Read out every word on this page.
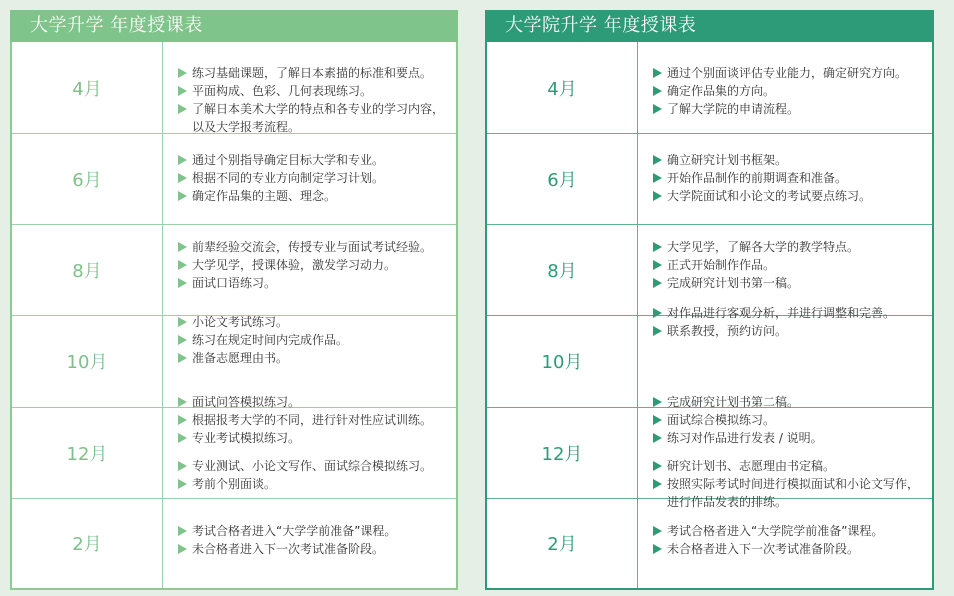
大学升学 年度授课表
4月
练习基础课题，了解日本素描的标准和要点。
平面构成、色彩、几何表现练习。
了解日本美术大学的特点和各专业的学习内容，以及大学报考流程。
6月
通过个别指导确定目标大学和专业。
根据不同的专业方向制定学习计划。
确定作品集的主题、理念。
8月
前辈经验交流会，传授专业与面试考试经验。
大学见学，授课体验，激发学习动力。
面试口语练习。
10月
小论文考试练习。
练习在规定时间内完成作品。
准备志愿理由书。
12月
面试问答模拟练习。
根据报考大学的不同，进行针对性应试训练。
专业考试模拟练习。
专业测试、小论文写作、面试综合模拟练习。
考前个别面谈。
2月
考试合格者进入“大学学前准备”课程。
未合格者进入下一次考试准备阶段。
大学院升学 年度授课表
4月
通过个别面谈评估专业能力，确定研究方向。
确定作品集的方向。
了解大学院的申请流程。
6月
确立研究计划书框架。
开始作品制作的前期调查和准备。
大学院面试和小论文的考试要点练习。
8月
大学见学，了解各大学的教学特点。
正式开始制作作品。
完成研究计划书第一稿。
10月
对作品进行客观分析，并进行调整和完善。
联系教授，预约访问。
12月
完成研究计划书第二稿。
面试综合模拟练习。
练习对作品进行发表 / 说明。
研究计划书、志愿理由书定稿。
按照实际考试时间进行模拟面试和小论文写作，进行作品发表的排练。
2月
考试合格者进入“大学院学前准备”课程。
未合格者进入下一次考试准备阶段。
